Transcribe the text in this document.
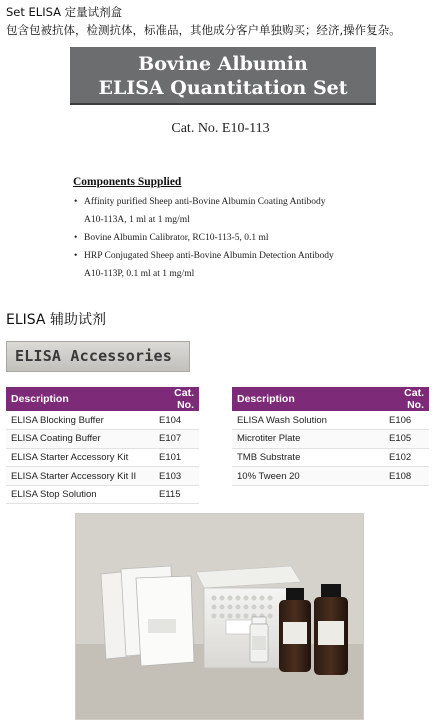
Set ELISA 定量试剂盒
包含包被抗体，检测抗体，标准品，其他成分客户单独购买；经济,操作复杂。
Bovine Albumin
ELISA Quantitation Set
Cat. No. E10-113
Components Supplied
• Affinity purified Sheep anti-Bovine Albumin Coating Antibody
A10-113A, 1 ml at 1 mg/ml
• Bovine Albumin Calibrator, RC10-113-5, 0.1 ml
• HRP Conjugated Sheep anti-Bovine Albumin Detection Antibody
A10-113P, 0.1 ml at 1 mg/ml
ELISA 辅助试剂
ELISA Accessories
Description	Cat. No.
ELISA Blocking Buffer	E104
ELISA Coating Buffer	E107
ELISA Starter Accessory Kit	E101
ELISA Starter Accessory Kit II	E103
ELISA Stop Solution	E115
Description	Cat. No.
ELISA Wash Solution	E106
Microtiter Plate	E105
TMB Substrate	E102
10% Tween 20	E108
